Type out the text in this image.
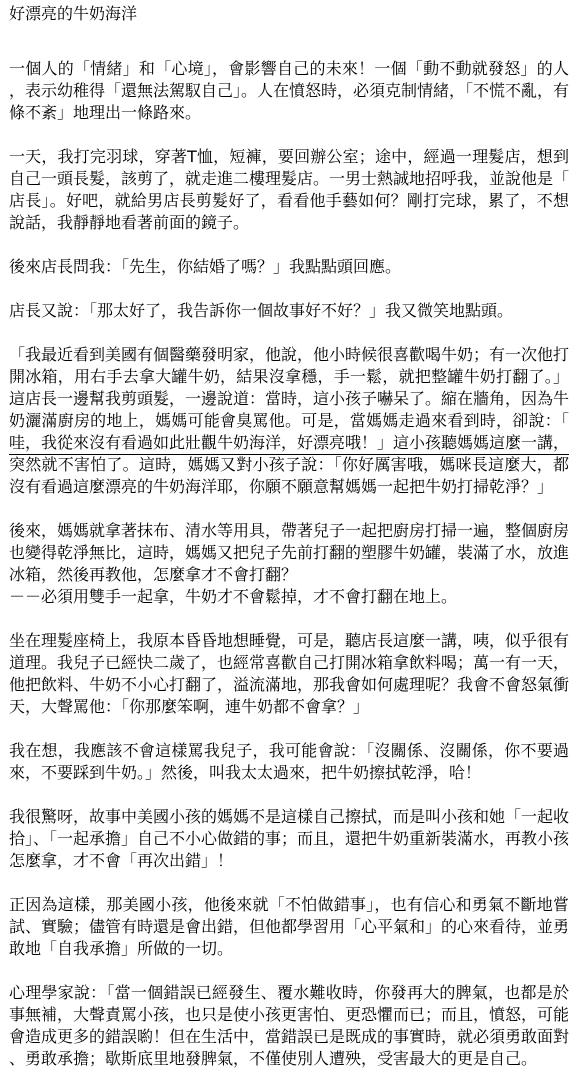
好漂亮的牛奶海洋

一個人的「情緒」和「心境」，會影響自己的未來！一個「動不動就發怒」的人，表示幼稚得「還無法駕馭自己」。人在憤怒時，必須克制情緒，「不慌不亂，有條不紊」地理出一條路來。

一天，我打完羽球，穿著T恤，短褲，要回辦公室；途中，經過一理髮店，想到自己一頭長髮，該剪了，就走進二樓理髮店。一男士熱誠地招呼我，並說他是「店長」。好吧，就給男店長剪髮好了，看看他手藝如何？剛打完球，累了，不想說話，我靜靜地看著前面的鏡子。

後來店長問我：「先生，你結婚了嗎？」我點點頭回應。

店長又說：「那太好了，我告訴你一個故事好不好？」我又微笑地點頭。

「我最近看到美國有個醫藥發明家，他說，他小時候很喜歡喝牛奶；有一次他打開冰箱，用右手去拿大罐牛奶，結果沒拿穩，手一鬆，就把整罐牛奶打翻了。」這店長一邊幫我剪頭髮，一邊說道：當時，這小孩子嚇呆了。縮在牆角，因為牛奶灑滿廚房的地上，媽媽可能會臭罵他。可是，當媽媽走過來看到時，卻說：「哇，我從來沒有看過如此壯觀牛奶海洋，好漂亮哦！」這小孩聽媽媽這麼一講，

突然就不害怕了。這時，媽媽又對小孩子說：「你好厲害哦，媽咪長這麼大，都沒有看過這麼漂亮的牛奶海洋耶，你願不願意幫媽媽一起把牛奶打掃乾淨？」

後來，媽媽就拿著抹布、清水等用具，帶著兒子一起把廚房打掃一遍，整個廚房也變得乾淨無比，這時，媽媽又把兒子先前打翻的塑膠牛奶罐，裝滿了水，放進冰箱，然後再教他，怎麼拿才不會打翻？
－－必須用雙手一起拿，牛奶才不會鬆掉，才不會打翻在地上。

坐在理髮座椅上，我原本昏昏地想睡覺，可是，聽店長這麼一講，咦，似乎很有道理。我兒子已經快二歲了，也經常喜歡自己打開冰箱拿飲料喝；萬一有一天，他把飲料、牛奶不小心打翻了，溢流滿地，那我會如何處理呢？我會不會怒氣衝天，大聲罵他：「你那麼笨啊，連牛奶都不會拿？」

我在想，我應該不會這樣罵我兒子，我可能會說：「沒關係、沒關係，你不要過來，不要踩到牛奶。」然後，叫我太太過來，把牛奶擦拭乾淨，哈！

我很驚呀，故事中美國小孩的媽媽不是這樣自己擦拭，而是叫小孩和她「一起收拾」、「一起承擔」自己不小心做錯的事；而且，還把牛奶重新裝滿水，再教小孩怎麼拿，才不會「再次出錯」！

正因為這樣，那美國小孩，他後來就「不怕做錯事」，也有信心和勇氣不斷地嘗試、實驗；儘管有時還是會出錯，但他都學習用「心平氣和」的心來看待，並勇敢地「自我承擔」所做的一切。

心理學家說：「當一個錯誤已經發生、覆水難收時，你發再大的脾氣，也都是於事無補，大聲責罵小孩，也只是使小孩更害怕、更恐懼而已；而且，憤怒，可能會造成更多的錯誤喲！但在生活中，當錯誤已是既成的事實時，就必須勇敢面對、勇敢承擔；歇斯底里地發脾氣，不僅使別人遭殃，受害最大的更是自己。
